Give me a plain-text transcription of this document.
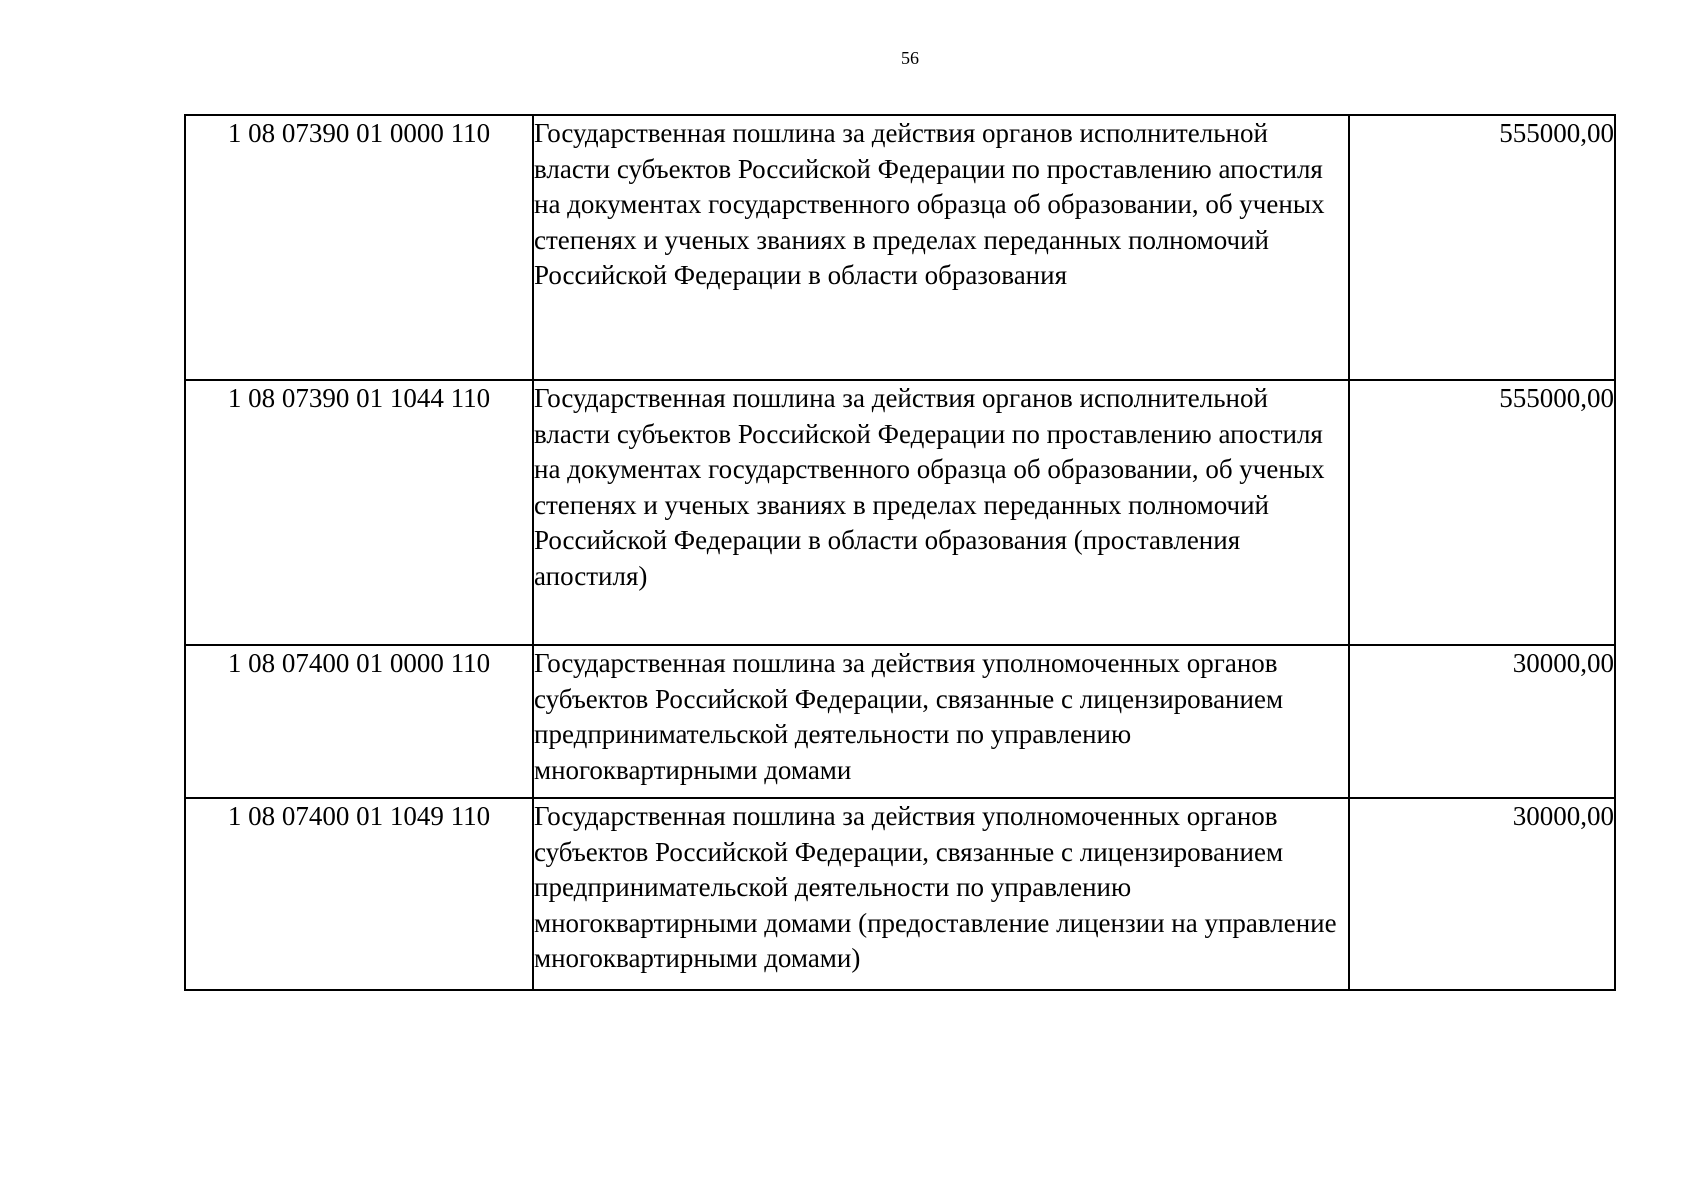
56
1 08 07390 01 0000 110	Государственная пошлина за действия органов исполнительной власти субъектов Российской Федерации по проставлению апостиля на документах государственного образца об образовании, об ученых степенях и ученых званиях в пределах переданных полномочий Российской Федерации в области образования	555000,00
1 08 07390 01 1044 110	Государственная пошлина за действия органов исполнительной власти субъектов Российской Федерации по проставлению апостиля на документах государственного образца об образовании, об ученых степенях и ученых званиях в пределах переданных полномочий Российской Федерации в области образования (проставления апостиля)	555000,00
1 08 07400 01 0000 110	Государственная пошлина за действия уполномоченных органов субъектов Российской Федерации, связанные с лицензированием предпринимательской деятельности по управлению многоквартирными домами	30000,00
1 08 07400 01 1049 110	Государственная пошлина за действия уполномоченных органов субъектов Российской Федерации, связанные с лицензированием предпринимательской деятельности по управлению многоквартирными домами (предоставление лицензии на управление многоквартирными домами)	30000,00
